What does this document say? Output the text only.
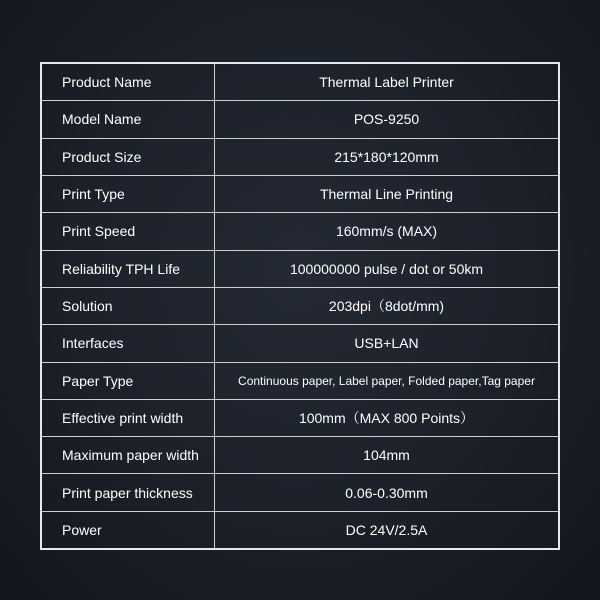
Product Name	Thermal Label Printer
Model Name	POS-9250
Product Size	215*180*120mm
Print Type	Thermal Line Printing
Print Speed	160mm/s (MAX)
Reliability TPH Life	100000000 pulse / dot or 50km
Solution	203dpi（8dot/mm)
Interfaces	USB+LAN
Paper Type	Continuous paper, Label paper, Folded paper,Tag paper
Effective print width	100mm（MAX 800 Points）
Maximum paper width	104mm
Print paper thickness	0.06-0.30mm
Power	DC 24V/2.5A
